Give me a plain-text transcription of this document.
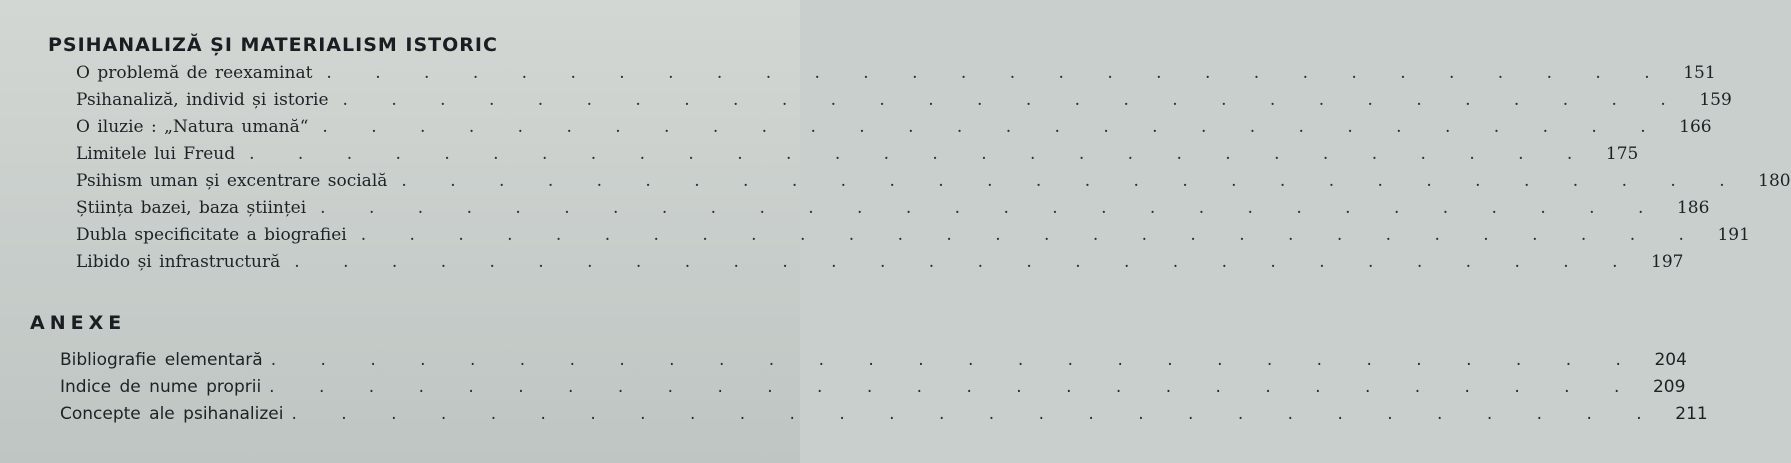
PSIHANALIZĂ ȘI MATERIALISM ISTORIC
O problemă de reexaminat . . . . . . . . . . . . . . . . . . . . . . . . . . . . 151
Psihanaliză, individ și istorie . . . . . . . . . . . . . . . . . . . . . . . . . . . . 159
O iluzie : „Natura umană“ . . . . . . . . . . . . . . . . . . . . . . . . . . . . 166
Limitele lui Freud . . . . . . . . . . . . . . . . . . . . . . . . . . . . 175
Psihism uman și excentrare socială . . . . . . . . . . . . . . . . . . . . . . . . . . . . 180
Știința bazei, baza științei . . . . . . . . . . . . . . . . . . . . . . . . . . . . 186
Dubla specificitate a biografiei . . . . . . . . . . . . . . . . . . . . . . . . . . . . 191
Libido și infrastructură . . . . . . . . . . . . . . . . . . . . . . . . . . . . 197
ANEXE
Bibliografie elementară . . . . . . . . . . . . . . . . . . . . . . . . . . . . 204
Indice de nume proprii . . . . . . . . . . . . . . . . . . . . . . . . . . . . 209
Concepte ale psihanalizei . . . . . . . . . . . . . . . . . . . . . . . . . . . . 211
